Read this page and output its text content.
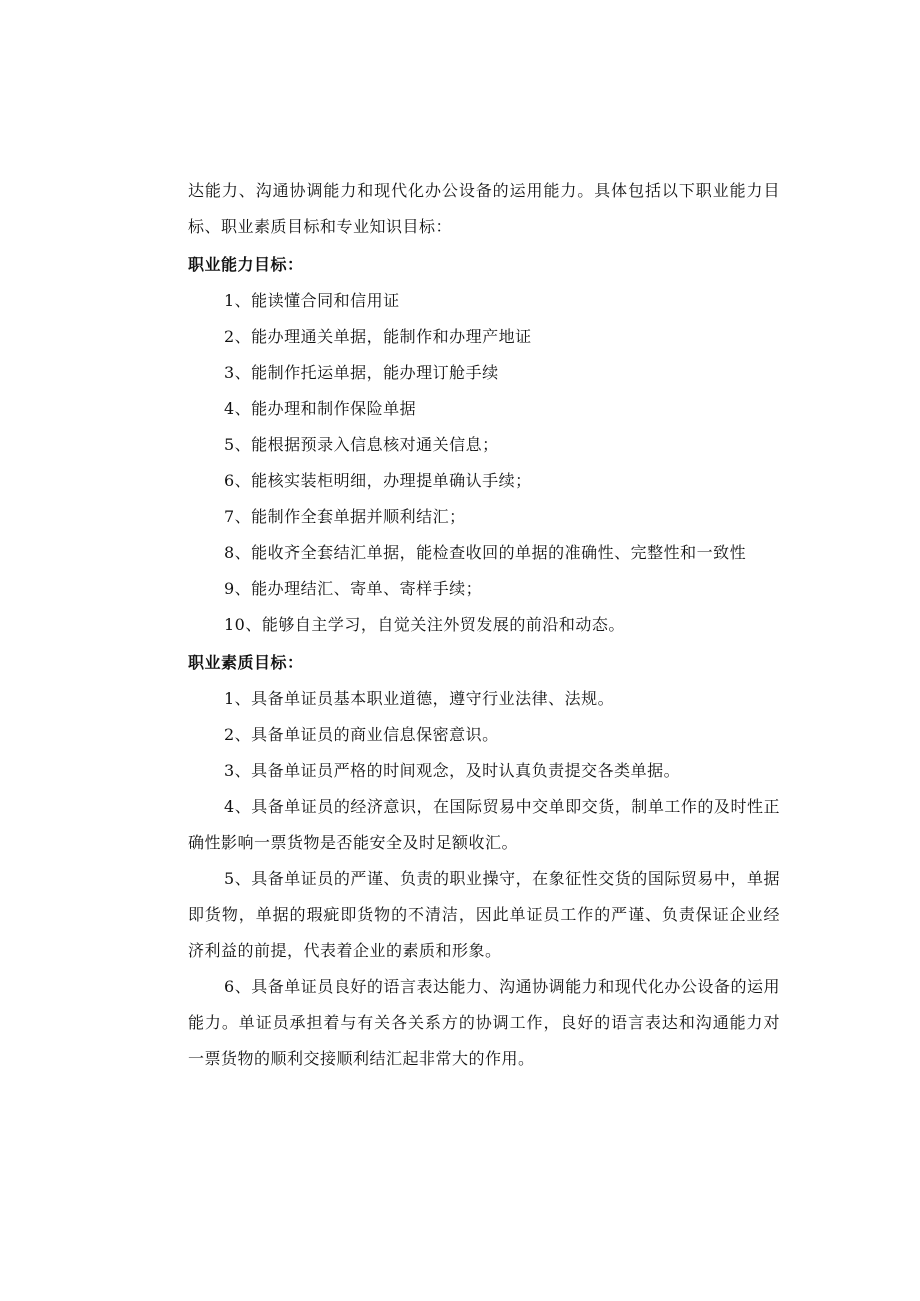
达能力、沟通协调能力和现代化办公设备的运用能力。具体包括以下职业能力目标、职业素质目标和专业知识目标：

职业能力目标：

1、能读懂合同和信用证

2、能办理通关单据，能制作和办理产地证

3、能制作托运单据，能办理订舱手续

4、能办理和制作保险单据

5、能根据预录入信息核对通关信息；

6、能核实装柜明细，办理提单确认手续；

7、能制作全套单据并顺利结汇；

8、能收齐全套结汇单据，能检查收回的单据的准确性、完整性和一致性

9、能办理结汇、寄单、寄样手续；

10、能够自主学习，自觉关注外贸发展的前沿和动态。

职业素质目标：

1、具备单证员基本职业道德，遵守行业法律、法规。

2、具备单证员的商业信息保密意识。

3、具备单证员严格的时间观念，及时认真负责提交各类单据。

4、具备单证员的经济意识，在国际贸易中交单即交货，制单工作的及时性正确性影响一票货物是否能安全及时足额收汇。

5、具备单证员的严谨、负责的职业操守，在象征性交货的国际贸易中，单据即货物，单据的瑕疵即货物的不清洁，因此单证员工作的严谨、负责保证企业经济利益的前提，代表着企业的素质和形象。

6、具备单证员良好的语言表达能力、沟通协调能力和现代化办公设备的运用能力。单证员承担着与有关各关系方的协调工作，良好的语言表达和沟通能力对一票货物的顺利交接顺利结汇起非常大的作用。
